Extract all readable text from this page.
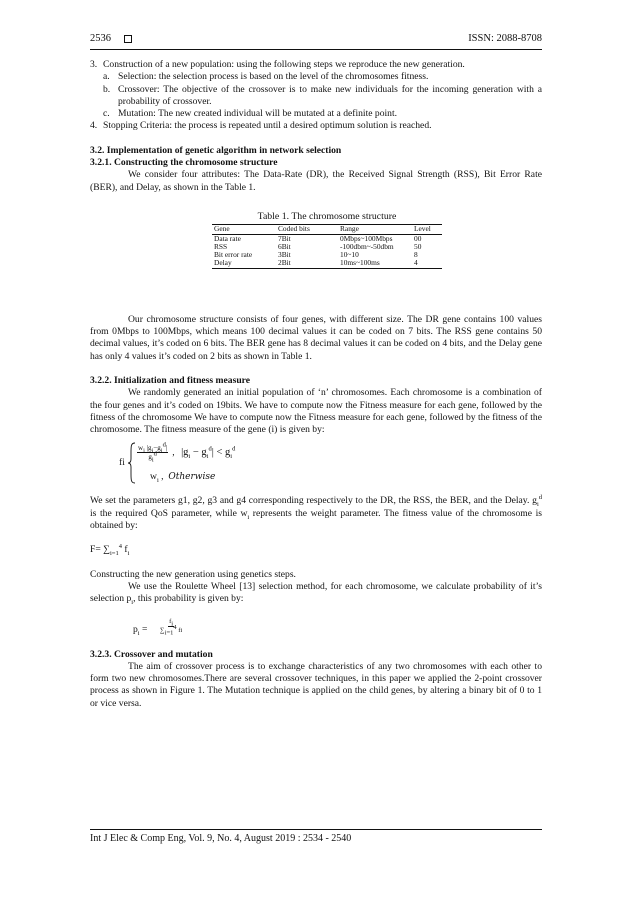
2536	ISSN: 2088-8708
3. Construction of a new population: using the following steps we reproduce the new generation.
a. Selection: the selection process is based on the level of the chromosomes fitness.
b. Crossover: The objective of the crossover is to make new individuals for the incoming generation with a probability of crossover.
c. Mutation: The new created individual will be mutated at a definite point.
4. Stopping Criteria: the process is repeated until a desired optimum solution is reached.

3.2. Implementation of genetic algorithm in network selection

3.2.1. Constructing the chromosome structure

We consider four attributes: The Data-Rate (DR), the Received Signal Strength (RSS), Bit Error Rate (BER), and Delay, as shown in the Table 1.

Table 1. The chromosome structure
Gene	Coded bits	Range	Level
Data rate	7Bit	0Mbps~100Mbps	00
RSS	6Bit	-100dbm~-50dbm	50
Bit error rate	3Bit	10~10	8
Delay	2Bit	10ms~100ms	4

Our chromosome structure consists of four genes, with different size. The DR gene contains 100 values from 0Mbps to 100Mbps, which means 100 decimal values it can be coded on 7 bits. The RSS gene contains 50 decimal values, it’s coded on 6 bits. The BER gene has 8 decimal values it can be coded on 4 bits, and the Delay gene has only 4 values it’s coded on 2 bits as shown in Table 1.

3.2.2. Initialization and fitness measure

We randomly generated an initial population of ‘n’ chromosomes. Each chromosome is a combination of the four genes and it’s coded on 19bits. We have to compute now the Fitness measure for each gene, followed by the fitness of the chromosome We have to compute now the Fitness measure for each gene, followed by the fitness of the chromosome. The fitness measure of the gene (i) is given by:

fi
$\frac{w_i |g_i-g_i^d|}{g_i^d}$ , $|g_i - g_i^d| < g_i^d$
$w_i$ ,  Otherwise

We set the parameters g1, g2, g3 and g4 corresponding respectively to the DR, the RSS, the BER, and the Delay. $g_i^d$ is the required QoS parameter, while $w_i$ represents the weight parameter. The fitness value of the chromosome is obtained by:

$F= \sum_{i=1}^4$ $f_i$

Constructing the new generation using genetics steps.

We use the Roulette Wheel [13] selection method, for each chromosome, we calculate probability of it’s selection $p_i$, this probability is given by:

$p_i = \frac{f_i}{\sum_{i=1}^4 fi}$

3.2.3. Crossover and mutation

The aim of crossover process is to exchange characteristics of any two chromosomes with each other to form two new chromosomes.There are several crossover techniques, in this paper we applied the 2-point crossover process as shown in Figure 1. The Mutation technique is applied on the child genes, by altering a binary bit of 0 to 1 or vice versa.

Int J Elec & Comp Eng, Vol. 9, No. 4, August 2019 : 2534 - 2540
